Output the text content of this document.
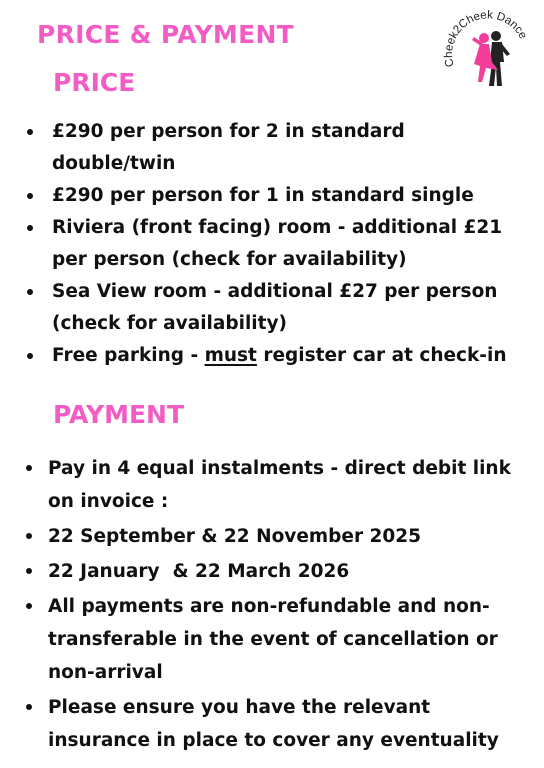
PRICE & PAYMENT
Cheek2Cheek Dance
PRICE
£290 per person for 2 in standard double/twin
£290 per person for 1 in standard single
Riviera (front facing) room - additional £21 per person (check for availability)
Sea View room - additional £27 per person (check for availability)
Free parking - must register car at check-in
PAYMENT
Pay in 4 equal instalments - direct debit link on invoice :
22 September & 22 November 2025
22 January  & 22 March 2026
All payments are non-refundable and non-transferable in the event of cancellation or non-arrival
Please ensure you have the relevant insurance in place to cover any eventuality
